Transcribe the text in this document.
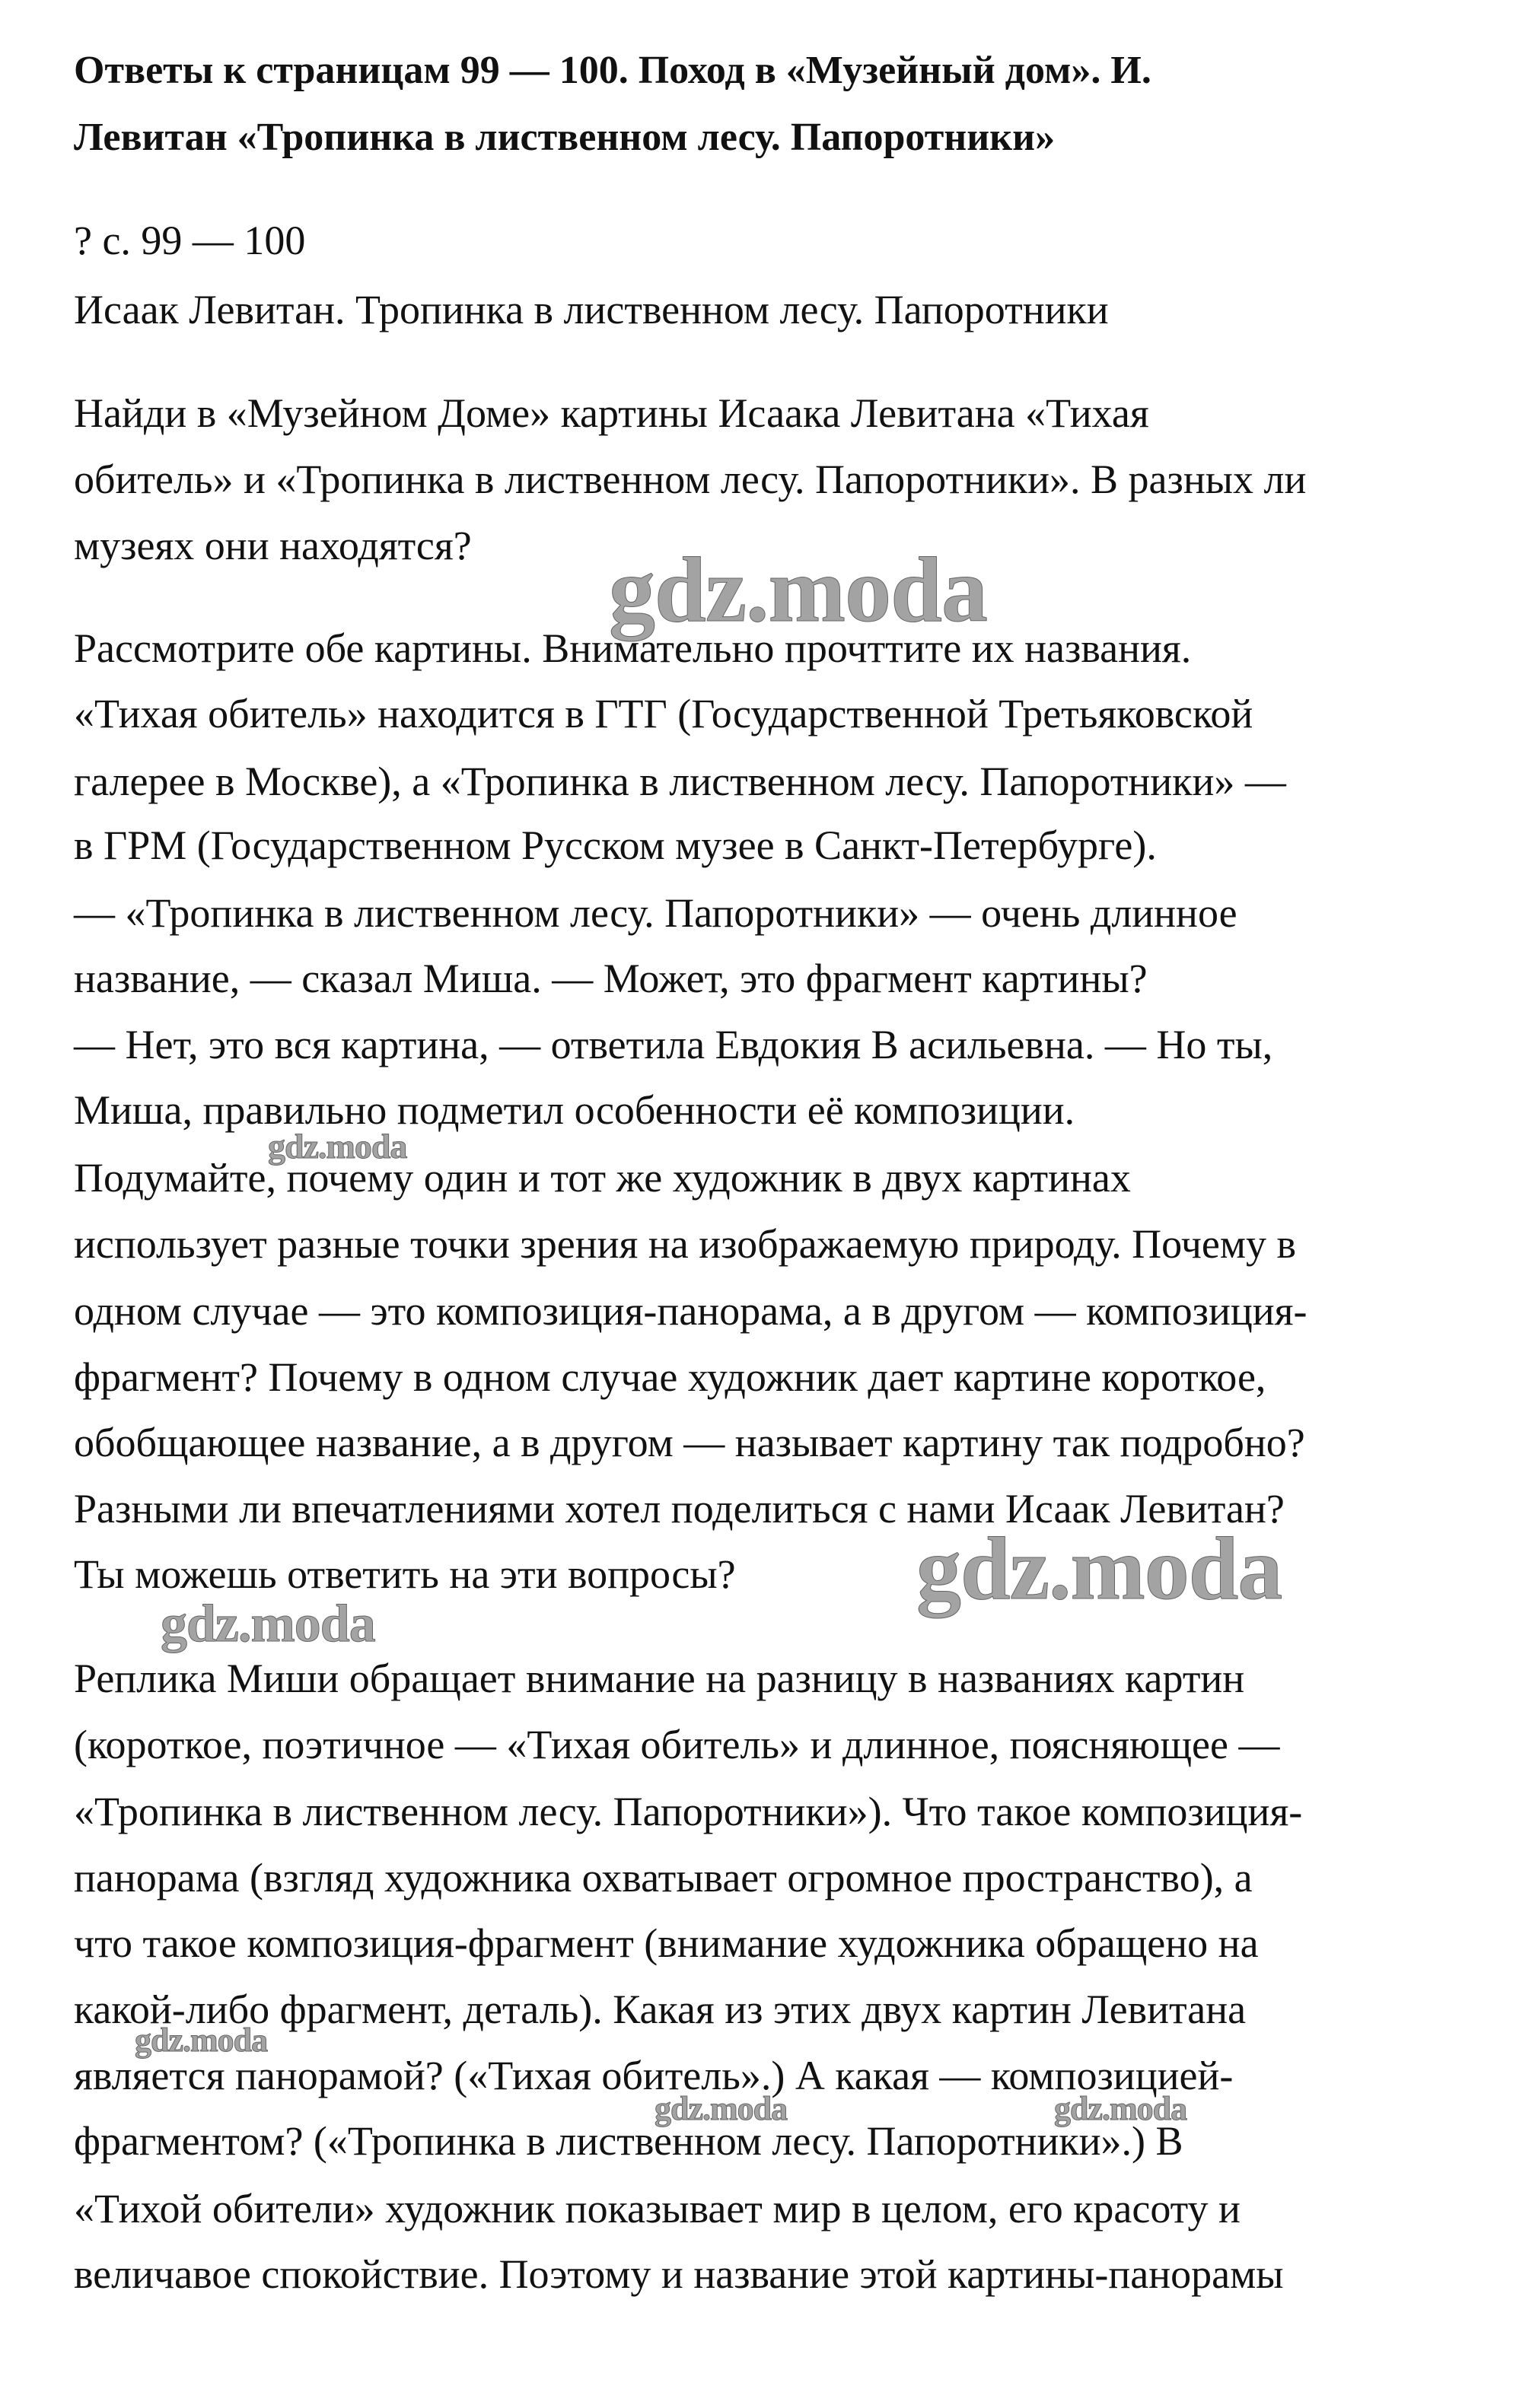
Ответы к страницам 99 — 100. Поход в «Музейный дом». И.
Левитан «Тропинка в лиственном лесу. Папоротники»
? с. 99 — 100
Исаак Левитан. Тропинка в лиственном лесу. Папоротники
Найди в «Музейном Доме» картины Исаака Левитана «Тихая
обитель» и «Тропинка в лиственном лесу. Папоротники». В разных ли
музеях они находятся?
Рассмотрите обе картины. Внимательно прочттите их названия.
«Тихая обитель» находится в ГТГ (Государственной Третьяковской
галерее в Москве), а «Тропинка в лиственном лесу. Папоротники» —
в ГРМ (Государственном Русском музее в Санкт-Петербурге).
— «Тропинка в лиственном лесу. Папоротники» — очень длинное
название, — сказал Миша. — Может, это фрагмент картины?
— Нет, это вся картина, — ответила Евдокия В асильевна. — Но ты,
Миша, правильно подметил особенности её композиции.
Подумайте, почему один и тот же художник в двух картинах
использует разные точки зрения на изображаемую природу. Почему в
одном случае — это композиция-панорама, а в другом — композиция-
фрагмент? Почему в одном случае художник дает картине короткое,
обобщающее название, а в другом — называет картину так подробно?
Разными ли впечатлениями хотел поделиться с нами Исаак Левитан?
Ты можешь ответить на эти вопросы?
Реплика Миши обращает внимание на разницу в названиях картин
(короткое, поэтичное — «Тихая обитель» и длинное, поясняющее —
«Тропинка в лиственном лесу. Папоротники»). Что такое композиция-
панорама (взгляд художника охватывает огромное пространство), а
что такое композиция-фрагмент (внимание художника обращено на
какой-либо фрагмент, деталь). Какая из этих двух картин Левитана
является панорамой? («Тихая обитель».) А какая — композицией-
фрагментом? («Тропинка в лиственном лесу. Папоротники».) В
«Тихой обители» художник показывает мир в целом, его красоту и
величавое спокойствие. Поэтому и название этой картины-панорамы
gdz.moda
gdz.moda
gdz.moda
gdz.moda
gdz.moda
gdz.moda	gdz.moda
